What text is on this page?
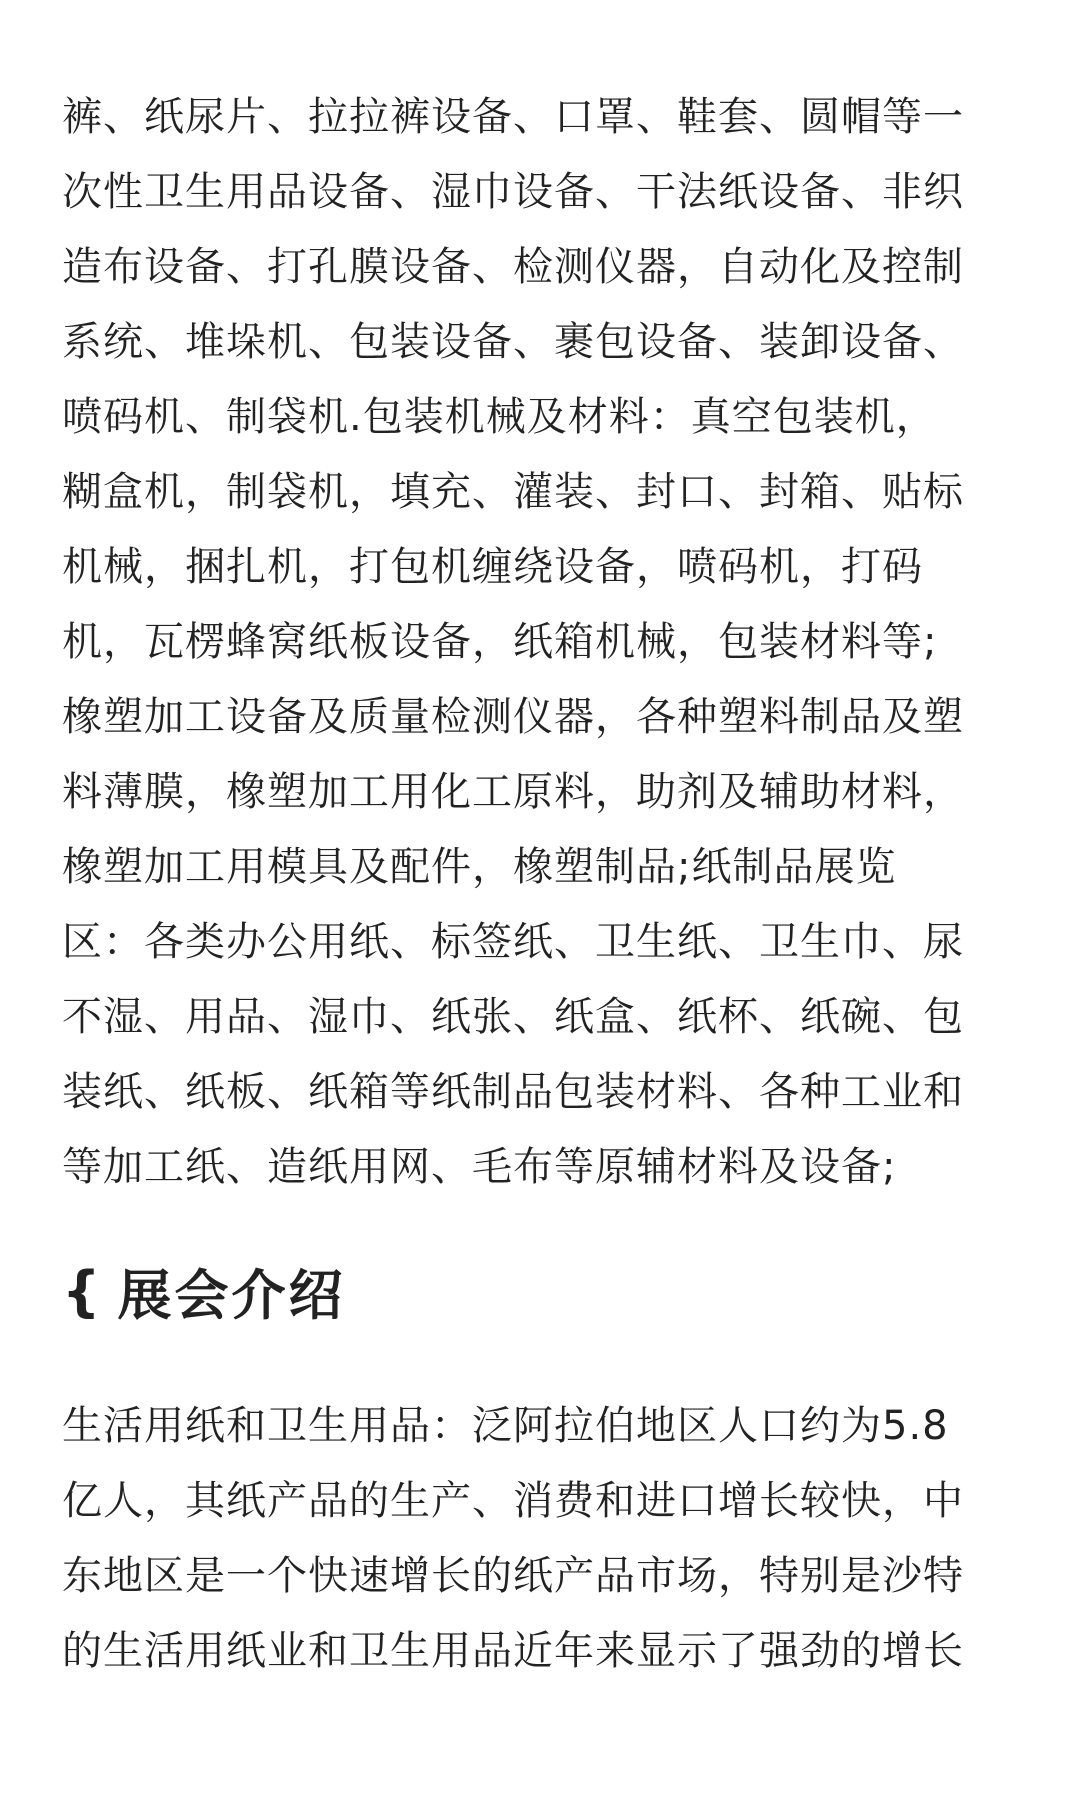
裤、纸尿片、拉拉裤设备、口罩、鞋套、圆帽等一
次性卫生用品设备、湿巾设备、干法纸设备、非织
造布设备、打孔膜设备、检测仪器，自动化及控制
系统、堆垛机、包装设备、裹包设备、装卸设备、
喷码机、制袋机.包装机械及材料：真空包装机，
糊盒机，制袋机，填充、灌装、封口、封箱、贴标
机械，捆扎机，打包机缠绕设备，喷码机，打码
机，瓦楞蜂窝纸板设备，纸箱机械，包装材料等;
橡塑加工设备及质量检测仪器，各种塑料制品及塑
料薄膜，橡塑加工用化工原料，助剂及辅助材料，
橡塑加工用模具及配件，橡塑制品;纸制品展览
区：各类办公用纸、标签纸、卫生纸、卫生巾、尿
不湿、用品、湿巾、纸张、纸盒、纸杯、纸碗、包
装纸、纸板、纸箱等纸制品包装材料、各种工业和
等加工纸、造纸用网、毛布等原辅材料及设备;

{ 展会介绍

生活用纸和卫生用品：泛阿拉伯地区人口约为5.8
亿人，其纸产品的生产、消费和进口增长较快，中
东地区是一个快速增长的纸产品市场，特别是沙特
的生活用纸业和卫生用品近年来显示了强劲的增长
